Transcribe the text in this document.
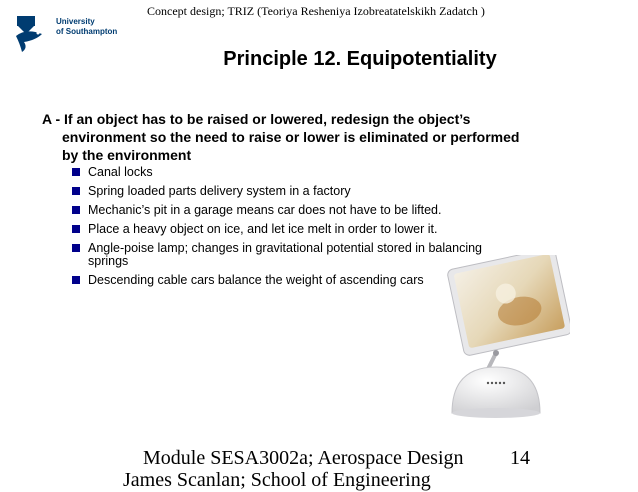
Concept design; TRIZ (Teoriya Resheniya Izobreatatelskikh Zadatch )
University
of Southampton
Principle 12. Equipotentiality
A - If an object has to be raised or lowered, redesign the object’s environment so the need to raise or lower is eliminated or performed by the environment
Canal locks
Spring loaded parts delivery system in a factory
Mechanic’s pit in a garage means car does not have to be lifted.
Place a heavy object on ice, and let ice melt in order to lower it.
Angle-poise lamp; changes in gravitational potential stored in balancing springs
Descending cable cars balance the weight of ascending cars
Module SESA3002a; Aerospace Design 14
James Scanlan; School of Engineering
